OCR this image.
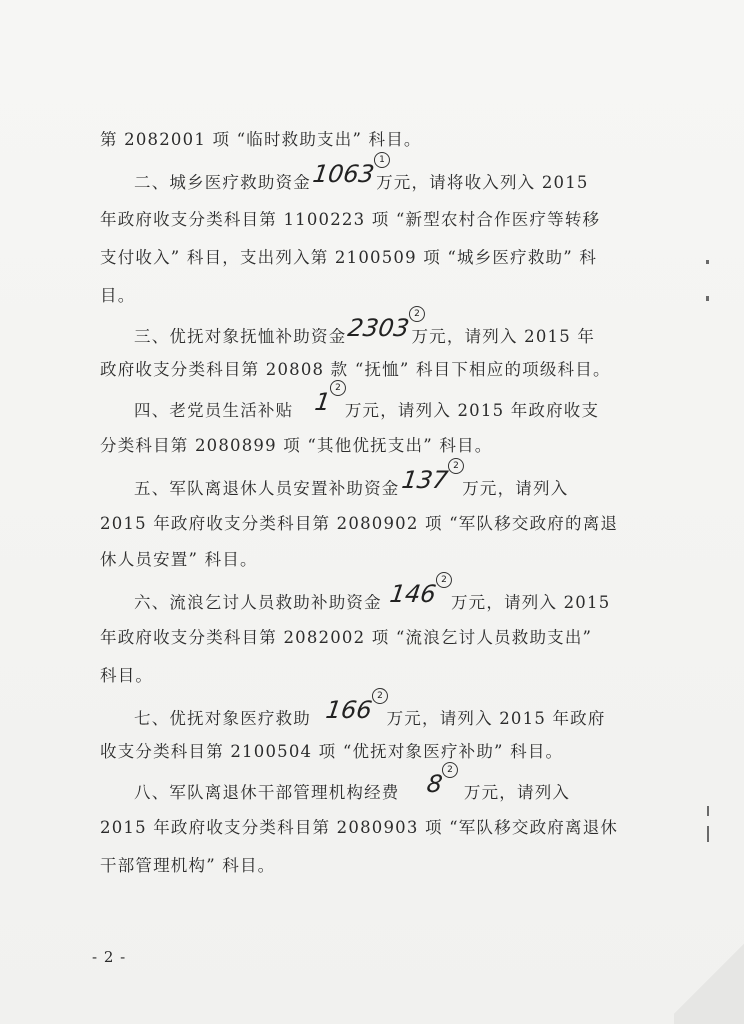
第 2082001 项 “临时救助支出” 科目。
二、城乡医疗救助资金1063 1
万元，请将收入列入 2015
年政府收支分类科目第 1100223 项 “新型农村合作医疗等转移
支付收入” 科目，支出列入第 2100509 项 “城乡医疗救助” 科
目。
三、优抚对象抚恤补助资金2303 2
万元，请列入 2015 年
政府收支分类科目第 20808 款 “抚恤” 科目下相应的项级科目。
四、老党员生活补贴 1 2
万元，请列入 2015 年政府收支
分类科目第 2080899 项 “其他优抚支出” 科目。
五、军队离退休人员安置补助资金137 2
万元，请列入
2015 年政府收支分类科目第 2080902 项 “军队移交政府的离退
休人员安置” 科目。
六、流浪乞讨人员救助补助资金 146 2
万元，请列入 2015
年政府收支分类科目第 2082002 项 “流浪乞讨人员救助支出”
科目。
七、优抚对象医疗救助 166 2
万元，请列入 2015 年政府
收支分类科目第 2100504 项 “优抚对象医疗补助” 科目。
八、军队离退休干部管理机构经费 8 2
万元，请列入
2015 年政府收支分类科目第 2080903 项 “军队移交政府离退休
干部管理机构” 科目。
- 2 -
